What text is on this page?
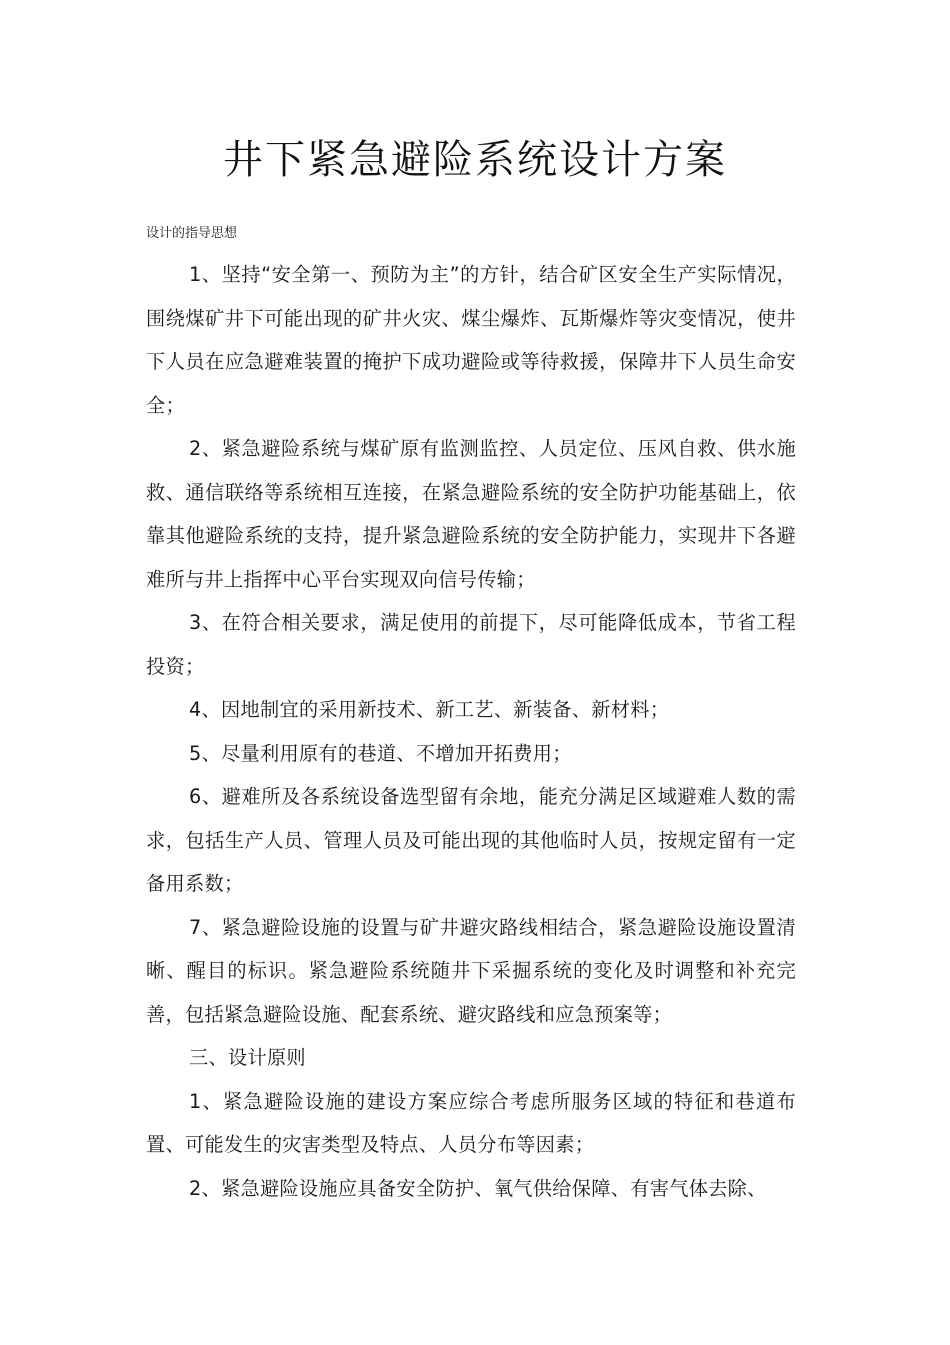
井下紧急避险系统设计方案

设计的指导思想

1、坚持“安全第一、预防为主”的方针，结合矿区安全生产实际情况，围绕煤矿井下可能出现的矿井火灾、煤尘爆炸、瓦斯爆炸等灾变情况，使井下人员在应急避难装置的掩护下成功避险或等待救援，保障井下人员生命安全；

2、紧急避险系统与煤矿原有监测监控、人员定位、压风自救、供水施救、通信联络等系统相互连接，在紧急避险系统的安全防护功能基础上，依靠其他避险系统的支持，提升紧急避险系统的安全防护能力，实现井下各避难所与井上指挥中心平台实现双向信号传输；

3、在符合相关要求，满足使用的前提下，尽可能降低成本，节省工程投资；

4、因地制宜的采用新技术、新工艺、新装备、新材料；

5、尽量利用原有的巷道、不增加开拓费用；

6、避难所及各系统设备选型留有余地，能充分满足区域避难人数的需求，包括生产人员、管理人员及可能出现的其他临时人员，按规定留有一定备用系数；

7、紧急避险设施的设置与矿井避灾路线相结合，紧急避险设施设置清晰、醒目的标识。紧急避险系统随井下采掘系统的变化及时调整和补充完善，包括紧急避险设施、配套系统、避灾路线和应急预案等；

三、设计原则

1、紧急避险设施的建设方案应综合考虑所服务区域的特征和巷道布置、可能发生的灾害类型及特点、人员分布等因素；

2、紧急避险设施应具备安全防护、氧气供给保障、有害气体去除、
